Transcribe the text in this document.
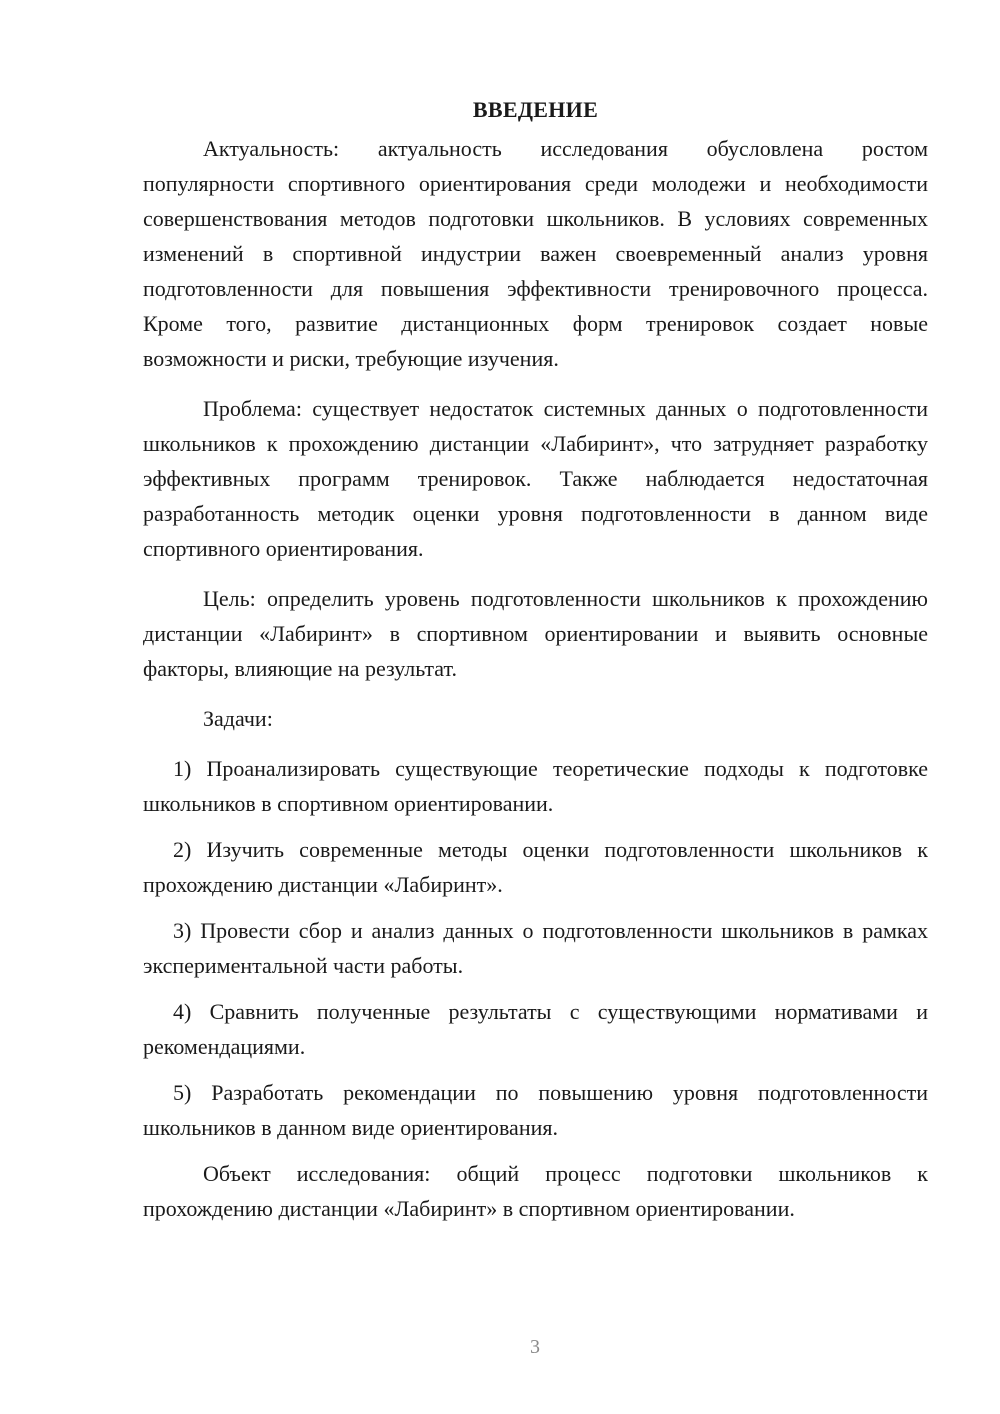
ВВЕДЕНИЕ

Актуальность: актуальность исследования обусловлена ростом популярности спортивного ориентирования среди молодежи и необходимости совершенствования методов подготовки школьников. В условиях современных изменений в спортивной индустрии важен своевременный анализ уровня подготовленности для повышения эффективности тренировочного процесса. Кроме того, развитие дистанционных форм тренировок создает новые возможности и риски, требующие изучения.

Проблема: существует недостаток системных данных о подготовленности школьников к прохождению дистанции «Лабиринт», что затрудняет разработку эффективных программ тренировок. Также наблюдается недостаточная разработанность методик оценки уровня подготовленности в данном виде спортивного ориентирования.

Цель: определить уровень подготовленности школьников к прохождению дистанции «Лабиринт» в спортивном ориентировании и выявить основные факторы, влияющие на результат.

Задачи:

1) Проанализировать существующие теоретические подходы к подготовке школьников в спортивном ориентировании.

2) Изучить современные методы оценки подготовленности школьников к прохождению дистанции «Лабиринт».

3) Провести сбор и анализ данных о подготовленности школьников в рамках экспериментальной части работы.

4) Сравнить полученные результаты с существующими нормативами и рекомендациями.

5) Разработать рекомендации по повышению уровня подготовленности школьников в данном виде ориентирования.

Объект исследования: общий процесс подготовки школьников к прохождению дистанции «Лабиринт» в спортивном ориентировании.

3
